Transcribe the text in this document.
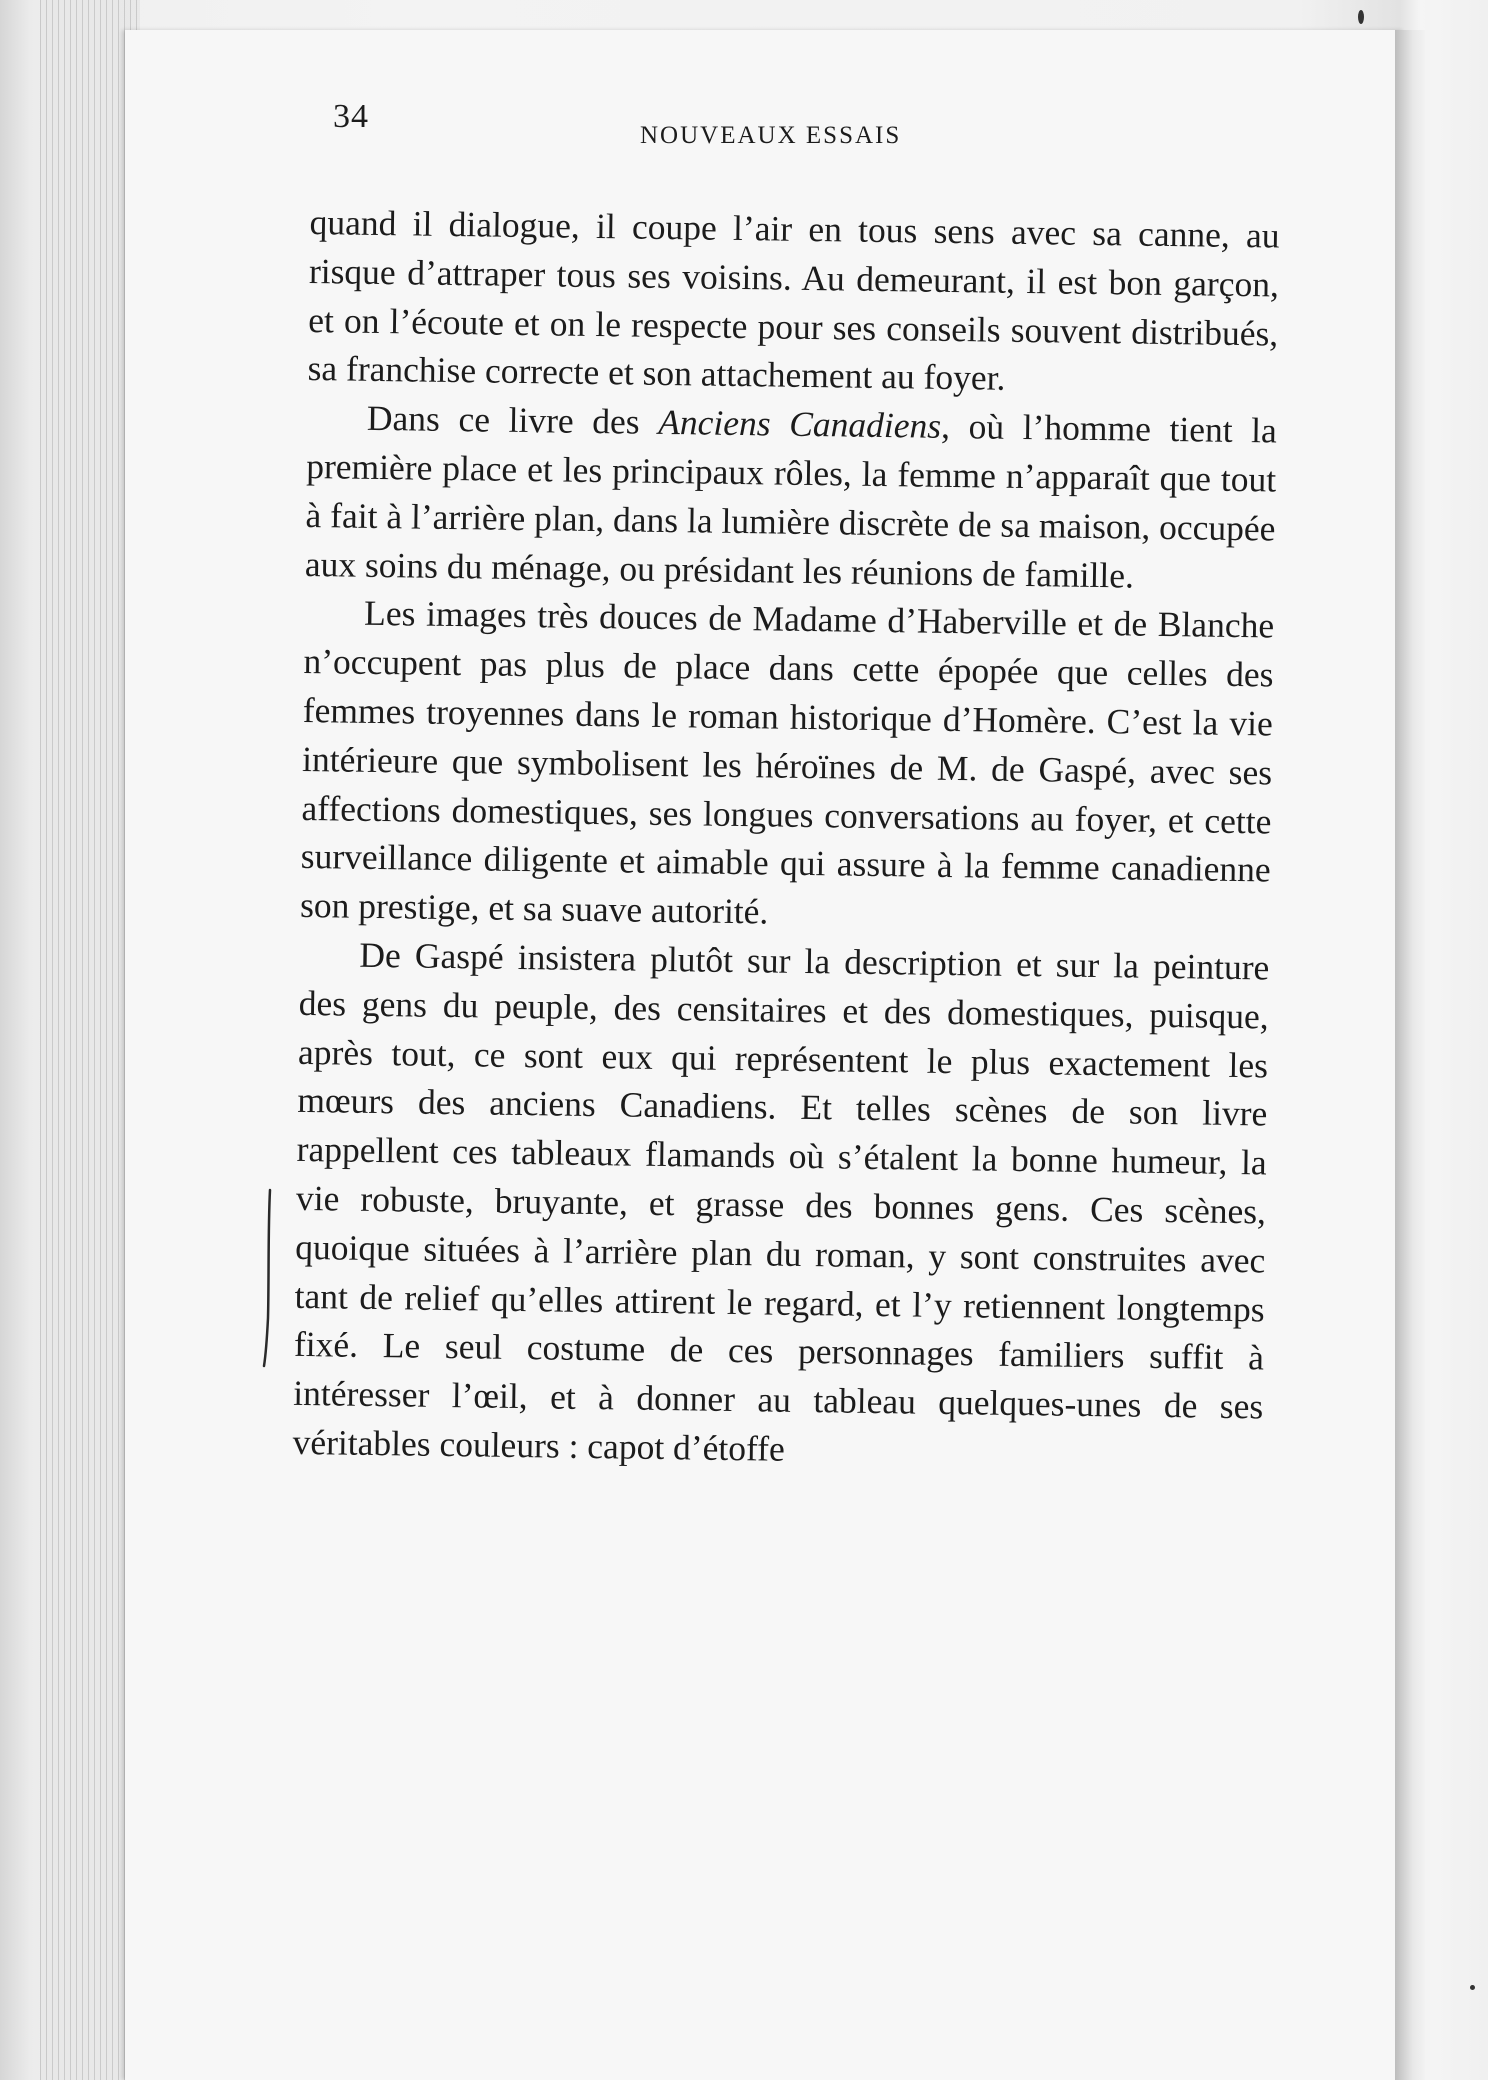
34
NOUVEAUX ESSAIS

quand il dialogue, il coupe l’air en tous sens avec sa canne, au risque d’attraper tous ses voisins. Au demeurant, il est bon garçon, et on l’écoute et on le respecte pour ses conseils souvent distribués, sa franchise correcte et son attachement au foyer.

Dans ce livre des Anciens Canadiens, où l’homme tient la première place et les principaux rôles, la femme n’apparaît que tout à fait à l’arrière plan, dans la lumière discrète de sa maison, occupée aux soins du ménage, ou présidant les réunions de famille.

Les images très douces de Madame d’Haberville et de Blanche n’occupent pas plus de place dans cette épopée que celles des femmes troyennes dans le roman historique d’Homère. C’est la vie intérieure que symbolisent les héroïnes de M. de Gaspé, avec ses affections domestiques, ses longues conversations au foyer, et cette surveillance diligente et aimable qui assure à la femme canadienne son prestige, et sa suave autorité.

De Gaspé insistera plutôt sur la description et sur la peinture des gens du peuple, des censitaires et des domestiques, puisque, après tout, ce sont eux qui représentent le plus exactement les mœurs des anciens Canadiens. Et telles scènes de son livre rappellent ces tableaux flamands où s’étalent la bonne humeur, la vie robuste, bruyante, et grasse des bonnes gens. Ces scènes, quoique situées à l’arrière plan du roman, y sont construites avec tant de relief qu’elles attirent le regard, et l’y retiennent longtemps fixé. Le seul costume de ces personnages familiers suffit à intéresser l’œil, et à donner au tableau quelques-unes de ses véritables couleurs : capot d’étoffe
